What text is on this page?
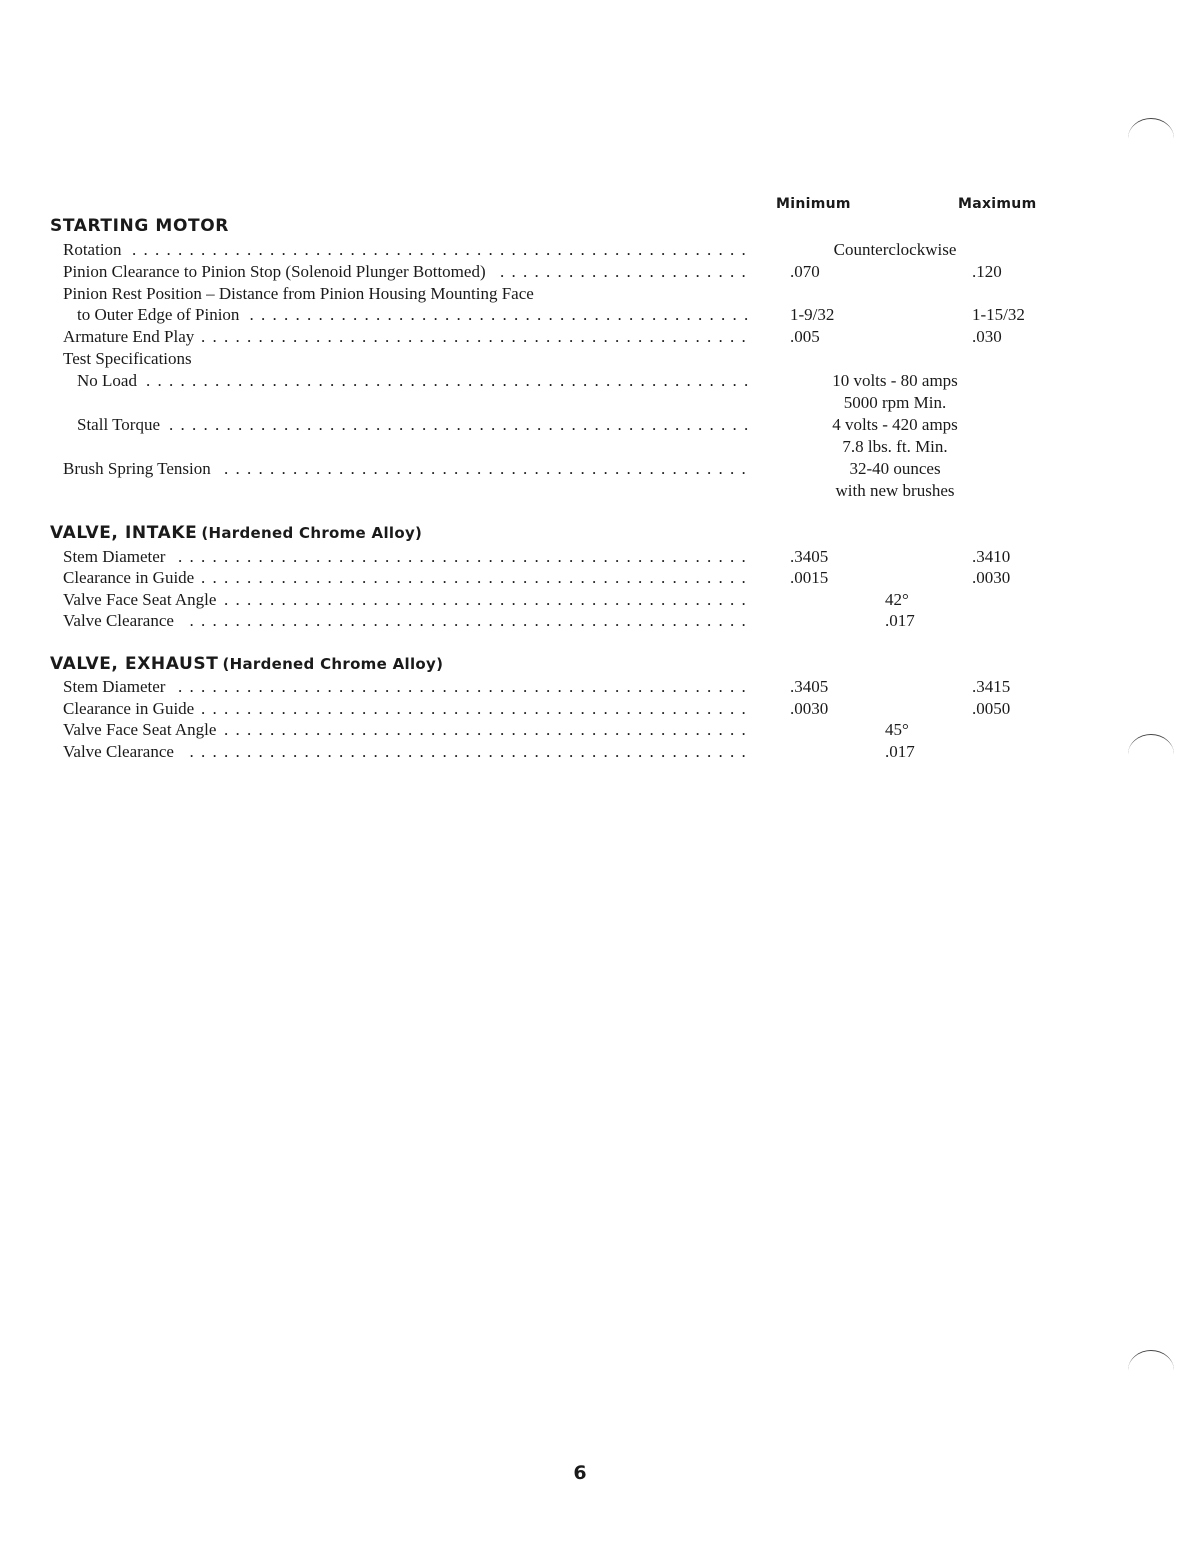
Minimum	Maximum
STARTING MOTOR
Rotation . . .	Counterclockwise
Pinion Clearance to Pinion Stop (Solenoid Plunger Bottomed) . . .	.070	.120
Pinion Rest Position – Distance from Pinion Housing Mounting Face
to Outer Edge of Pinion . . .	1-9/32	1-15/32
Armature End Play . . .	.005	.030
Test Specifications
No Load . . .	10 volts - 80 amps
5000 rpm Min.
Stall Torque . . .	4 volts - 420 amps
7.8 lbs. ft. Min.
Brush Spring Tension . . .	32-40 ounces
with new brushes
VALVE, INTAKE (Hardened Chrome Alloy)
Stem Diameter . . .	.3405	.3410
Clearance in Guide . . .	.0015	.0030
Valve Face Seat Angle . . .	42°
Valve Clearance . . .	.017
VALVE, EXHAUST (Hardened Chrome Alloy)
Stem Diameter . . .	.3405	.3415
Clearance in Guide . . .	.0030	.0050
Valve Face Seat Angle . . .	45°
Valve Clearance . . .	.017
6
